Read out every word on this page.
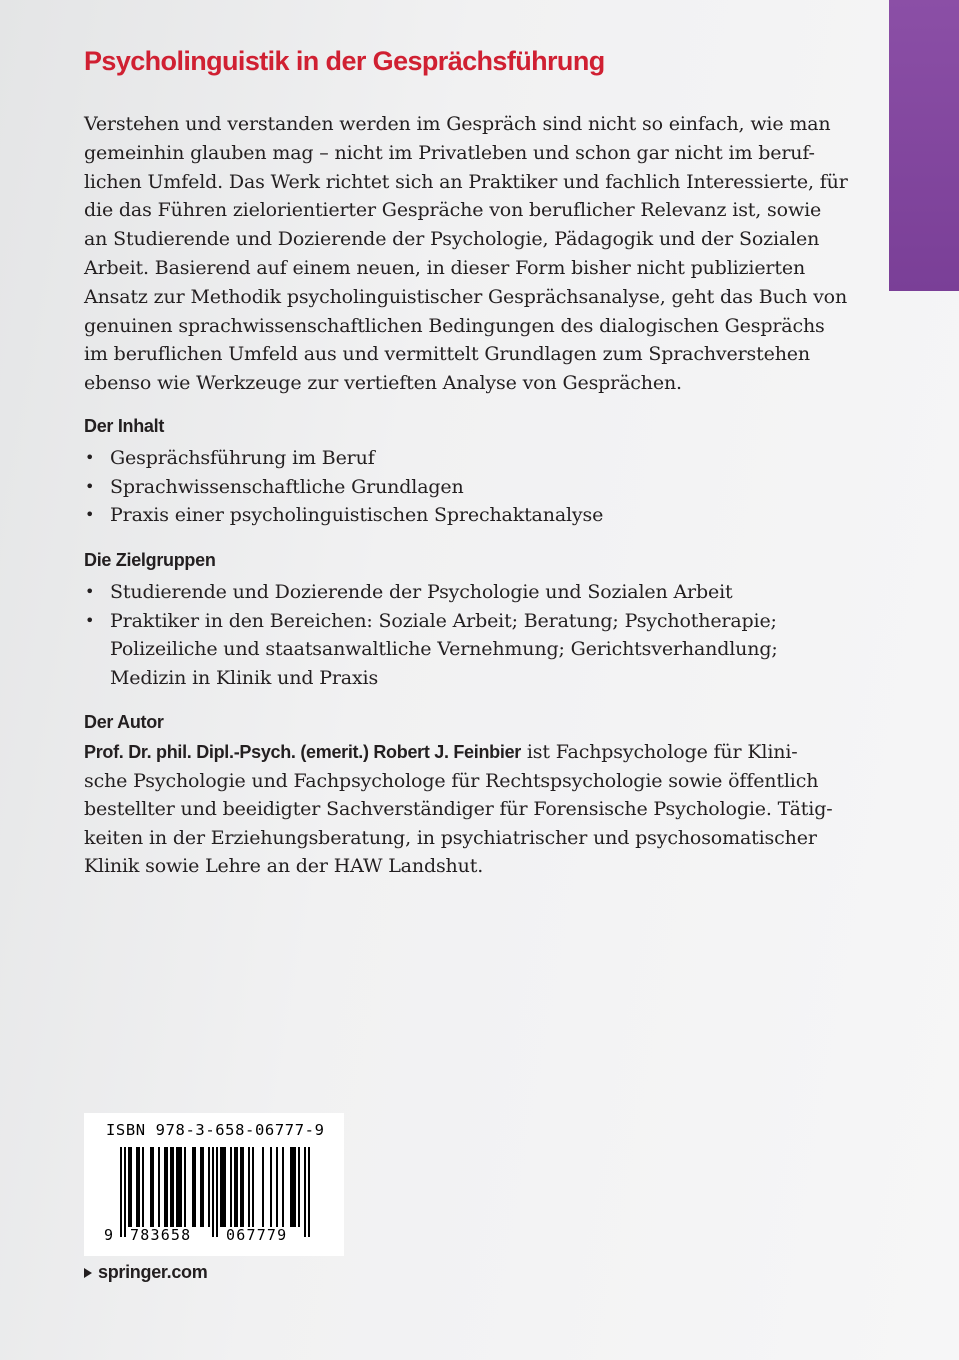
Psycholinguistik in der Gesprächsführung
Verstehen und verstanden werden im Gespräch sind nicht so einfach, wie man
gemeinhin glauben mag – nicht im Privatleben und schon gar nicht im beruf-
lichen Umfeld. Das Werk richtet sich an Praktiker und fachlich Interessierte, für
die das Führen zielorientierter Gespräche von beruflicher Relevanz ist, sowie
an Studierende und Dozierende der Psychologie, Pädagogik und der Sozialen
Arbeit. Basierend auf einem neuen, in dieser Form bisher nicht publizierten
Ansatz zur Methodik psycholinguistischer Gesprächsanalyse, geht das Buch von
genuinen sprachwissenschaftlichen Bedingungen des dialogischen Gesprächs
im beruflichen Umfeld aus und vermittelt Grundlagen zum Sprachverstehen
ebenso wie Werkzeuge zur vertieften Analyse von Gesprächen.
Der Inhalt
• Gesprächsführung im Beruf
• Sprachwissenschaftliche Grundlagen
• Praxis einer psycholinguistischen Sprechaktanalyse
Die Zielgruppen
• Studierende und Dozierende der Psychologie und Sozialen Arbeit
• Praktiker in den Bereichen: Soziale Arbeit; Beratung; Psychotherapie;
Polizeiliche und staatsanwaltliche Vernehmung; Gerichtsverhandlung;
Medizin in Klinik und Praxis
Der Autor
Prof. Dr. phil. Dipl.-Psych. (emerit.) Robert J. Feinbier ist Fachpsychologe für Klini-
sche Psychologie und Fachpsychologe für Rechtspsychologie sowie öffentlich
bestellter und beeidigter Sachverständiger für Forensische Psychologie. Tätig-
keiten in der Erziehungsberatung, in psychiatrischer und psychosomatischer
Klinik sowie Lehre an der HAW Landshut.
ISBN 978-3-658-06777-9
9 783658 067779
springer.com
